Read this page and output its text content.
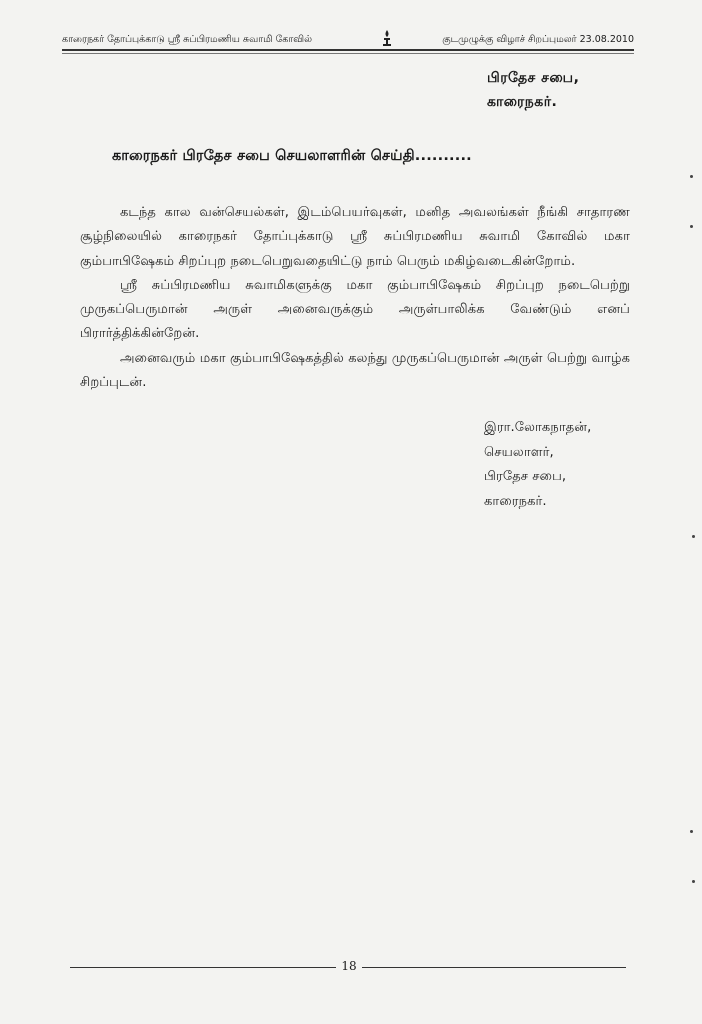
காரைநகர் தோப்புக்காடு ஸ்ரீ சுப்பிரமணிய சுவாமி கோவில்	குடமுழுக்கு விழாச் சிறப்புமலர் 23.08.2010
பிரதேச சபை,
காரைநகர்.
காரைநகர் பிரதேச சபை செயலாளரின் செய்தி..........

கடந்த கால வன்செயல்கள், இடம்பெயர்வுகள், மனித அவலங்கள் நீங்கி சாதாரண சூழ்நிலையில் காரைநகர் தோப்புக்காடு ஸ்ரீ சுப்பிரமணிய சுவாமி கோவில் மகா கும்பாபிஷேகம் சிறப்புற நடைபெறுவதையிட்டு நாம் பெரும் மகிழ்வடைகின்றோம்.

ஸ்ரீ சுப்பிரமணிய சுவாமிகளுக்கு மகா கும்பாபிஷேகம் சிறப்புற நடைபெற்று முருகப்பெருமான் அருள் அனைவருக்கும் அருள்பாலிக்க வேண்டும் எனப் பிரார்த்திக்கின்றேன்.

அனைவரும் மகா கும்பாபிஷேகத்தில் கலந்து முருகப்பெருமான் அருள் பெற்று வாழ்க சிறப்புடன்.

இரா.லோகநாதன்,
செயலாளர்,
பிரதேச சபை,
காரைநகர்.
18
